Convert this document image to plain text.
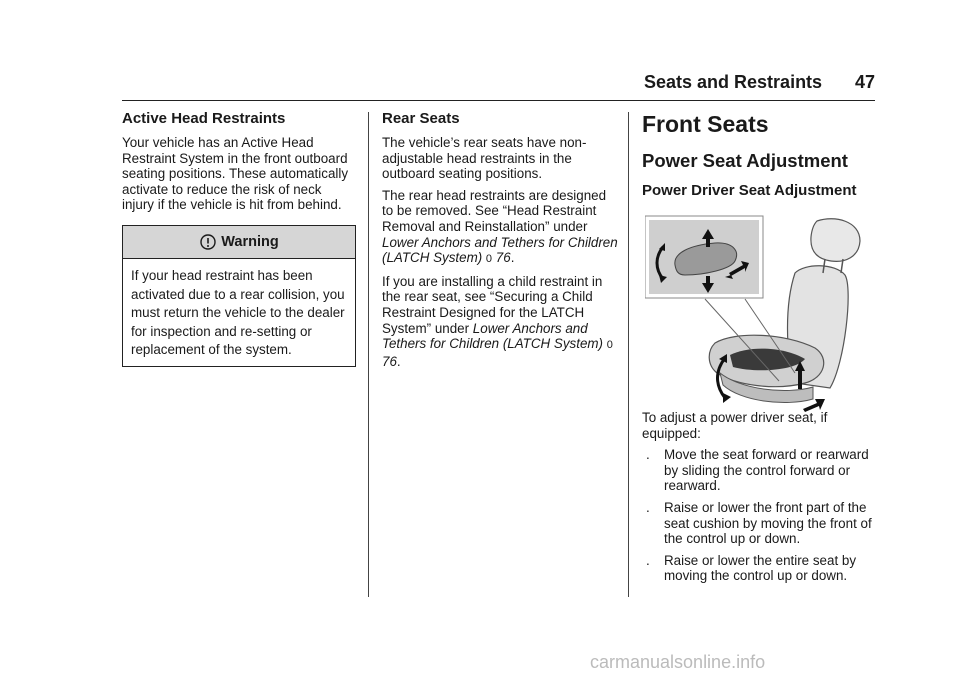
Seats and Restraints 47
Active Head Restraints

Your vehicle has an Active Head Restraint System in the front outboard seating positions. These automatically activate to reduce the risk of neck injury if the vehicle is hit from behind.

Warning
If your head restraint has been activated due to a rear collision, you must return the vehicle to the dealer for inspection and re-setting or replacement of the system.
Rear Seats

The vehicle’s rear seats have non-adjustable head restraints in the outboard seating positions.

The rear head restraints are designed to be removed. See “Head Restraint Removal and Reinstallation” under Lower Anchors and Tethers for Children (LATCH System) 0 76.

If you are installing a child restraint in the rear seat, see “Securing a Child Restraint Designed for the LATCH System” under Lower Anchors and Tethers for Children (LATCH System) 0 76.

Front Seats
Power Seat Adjustment
Power Driver Seat Adjustment

To adjust a power driver seat, if equipped:

. Move the seat forward or rearward by sliding the control forward or rearward.
. Raise or lower the front part of the seat cushion by moving the front of the control up or down.
. Raise or lower the entire seat by moving the control up or down.
carmanualsonline.info
